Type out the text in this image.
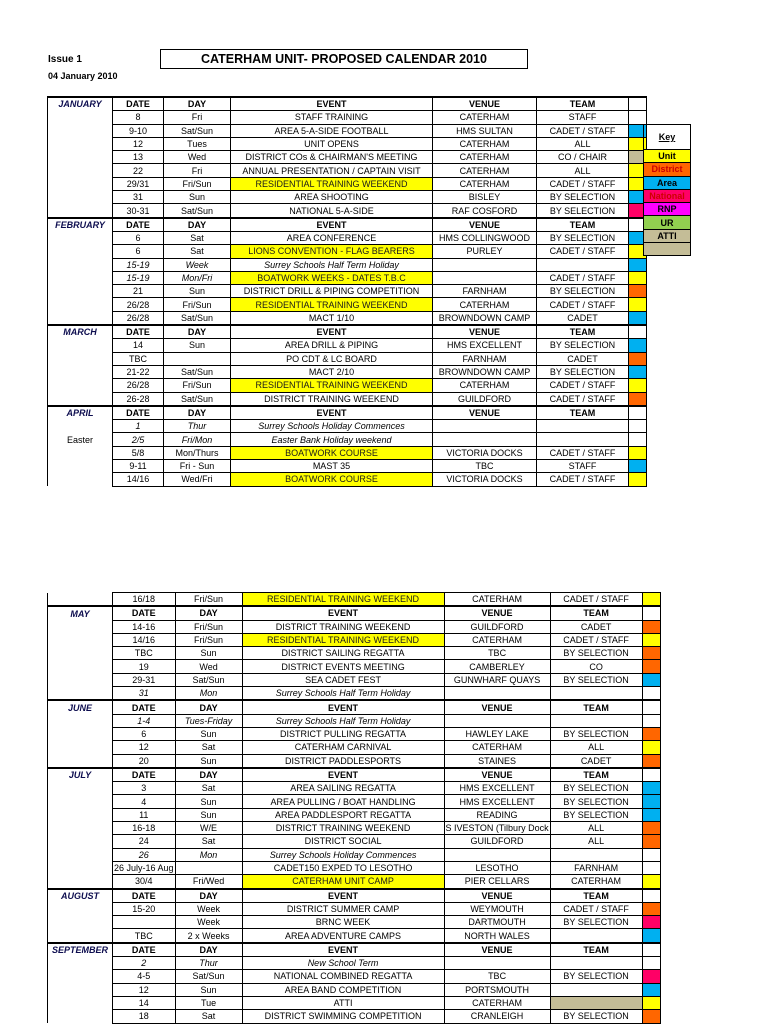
Issue 1
04 January 2010
CATERHAM UNIT- PROPOSED CALENDAR 2010
JANUARY	DATE	DAY	EVENT	VENUE	TEAM	
	8	Fri	STAFF TRAINING	CATERHAM	STAFF	
	9-10	Sat/Sun	AREA 5-A-SIDE FOOTBALL	HMS SULTAN	CADET / STAFF	
	12	Tues	UNIT OPENS	CATERHAM	ALL	
	13	Wed	DISTRICT COs & CHAIRMAN'S MEETING	CATERHAM	CO / CHAIR	
	22	Fri	ANNUAL PRESENTATION / CAPTAIN VISIT	CATERHAM	ALL	
	29/31	Fri/Sun	RESIDENTIAL TRAINING WEEKEND	CATERHAM	CADET / STAFF	
	31	Sun	AREA SHOOTING	BISLEY	BY SELECTION	
	30-31	Sat/Sun	NATIONAL 5-A-SIDE	RAF COSFORD	BY SELECTION	
FEBRUARY	DATE	DAY	EVENT	VENUE	TEAM	
	6	Sat	AREA CONFERENCE	HMS COLLINGWOOD	BY SELECTION	
	6	Sat	LIONS CONVENTION - FLAG BEARERS	PURLEY	CADET / STAFF	
	15-19	Week	Surrey Schools Half Term Holiday			
	15-19	Mon/Fri	BOATWORK WEEKS - DATES T.B.C		CADET / STAFF	
	21	Sun	DISTRICT DRILL & PIPING COMPETITION	FARNHAM	BY SELECTION	
	26/28	Fri/Sun	RESIDENTIAL TRAINING WEEKEND	CATERHAM	CADET / STAFF	
	26/28	Sat/Sun	MACT 1/10	BROWNDOWN CAMP	CADET	
MARCH	DATE	DAY	EVENT	VENUE	TEAM	
	14	Sun	AREA DRILL & PIPING	HMS EXCELLENT	BY SELECTION	
	TBC		PO CDT & LC BOARD	FARNHAM	CADET	
	21-22	Sat/Sun	MACT 2/10	BROWNDOWN CAMP	BY SELECTION	
	26/28	Fri/Sun	RESIDENTIAL TRAINING WEEKEND	CATERHAM	CADET / STAFF	
	26-28	Sat/Sun	DISTRICT TRAINING WEEKEND	GUILDFORD	CADET / STAFF	
APRIL	DATE	DAY	EVENT	VENUE	TEAM	
	1	Thur	Surrey Schools Holiday Commences			
Easter	2/5	Fri/Mon	Easter Bank Holiday weekend			
	5/8	Mon/Thurs	BOATWORK COURSE	VICTORIA DOCKS	CADET / STAFF	
	9-11	Fri - Sun	MAST 35	TBC	STAFF	
	14/16	Wed/Fri	BOATWORK COURSE	VICTORIA DOCKS	CADET / STAFF	
	16/18	Fri/Sun	RESIDENTIAL TRAINING WEEKEND	CATERHAM	CADET / STAFF	
MAY	DATE	DAY	EVENT	VENUE	TEAM	
	14-16	Fri/Sun	DISTRICT TRAINING WEEKEND	GUILDFORD	CADET	
	14/16	Fri/Sun	RESIDENTIAL TRAINING WEEKEND	CATERHAM	CADET / STAFF	
	TBC	Sun	DISTRICT SAILING REGATTA	TBC	BY SELECTION	
	19	Wed	DISTRICT EVENTS MEETING	CAMBERLEY	CO	
	29-31	Sat/Sun	SEA CADET FEST	GUNWHARF QUAYS	BY SELECTION	
	31	Mon	Surrey Schools Half Term Holiday			
JUNE	DATE	DAY	EVENT	VENUE	TEAM	
	1-4	Tues-Friday	Surrey Schools Half Term Holiday			
	6	Sun	DISTRICT PULLING REGATTA	HAWLEY LAKE	BY SELECTION	
	12	Sat	CATERHAM CARNIVAL	CATERHAM	ALL	
	20	Sun	DISTRICT PADDLESPORTS	STAINES	CADET	
JULY	DATE	DAY	EVENT	VENUE	TEAM	
	3	Sat	AREA SAILING REGATTA	HMS EXCELLENT	BY SELECTION	
	4	Sun	AREA PULLING / BOAT HANDLING	HMS EXCELLENT	BY SELECTION	
	11	Sun	AREA PADDLESPORT REGATTA	READING	BY SELECTION	
	16-18	W/E	DISTRICT TRAINING WEEKEND	S IVESTON (Tilbury Dock	ALL	
	24	Sat	DISTRICT SOCIAL	GUILDFORD	ALL	
	26	Mon	Surrey Schools Holiday Commences			
	26 July-16 Aug		CADET150 EXPED TO LESOTHO	LESOTHO	FARNHAM	
	30/4	Fri/Wed	CATERHAM UNIT CAMP	PIER CELLARS	CATERHAM	
AUGUST	DATE	DAY	EVENT	VENUE	TEAM	
	15-20	Week	DISTRICT SUMMER CAMP	WEYMOUTH	CADET / STAFF	
		Week	BRNC WEEK	DARTMOUTH	BY SELECTION	
	TBC	2 x Weeks	AREA ADVENTURE CAMPS	NORTH WALES		
SEPTEMBER	DATE	DAY	EVENT	VENUE	TEAM	
	2	Thur	New School Term			
	4-5	Sat/Sun	NATIONAL COMBINED REGATTA	TBC	BY SELECTION	
	12	Sun	AREA BAND COMPETITION	PORTSMOUTH		
	14	Tue	ATTI	CATERHAM		
	18	Sat	DISTRICT SWIMMING COMPETITION	CRANLEIGH	BY SELECTION	
Key
Unit
District
Area
National
RNP
UR
ATTI
